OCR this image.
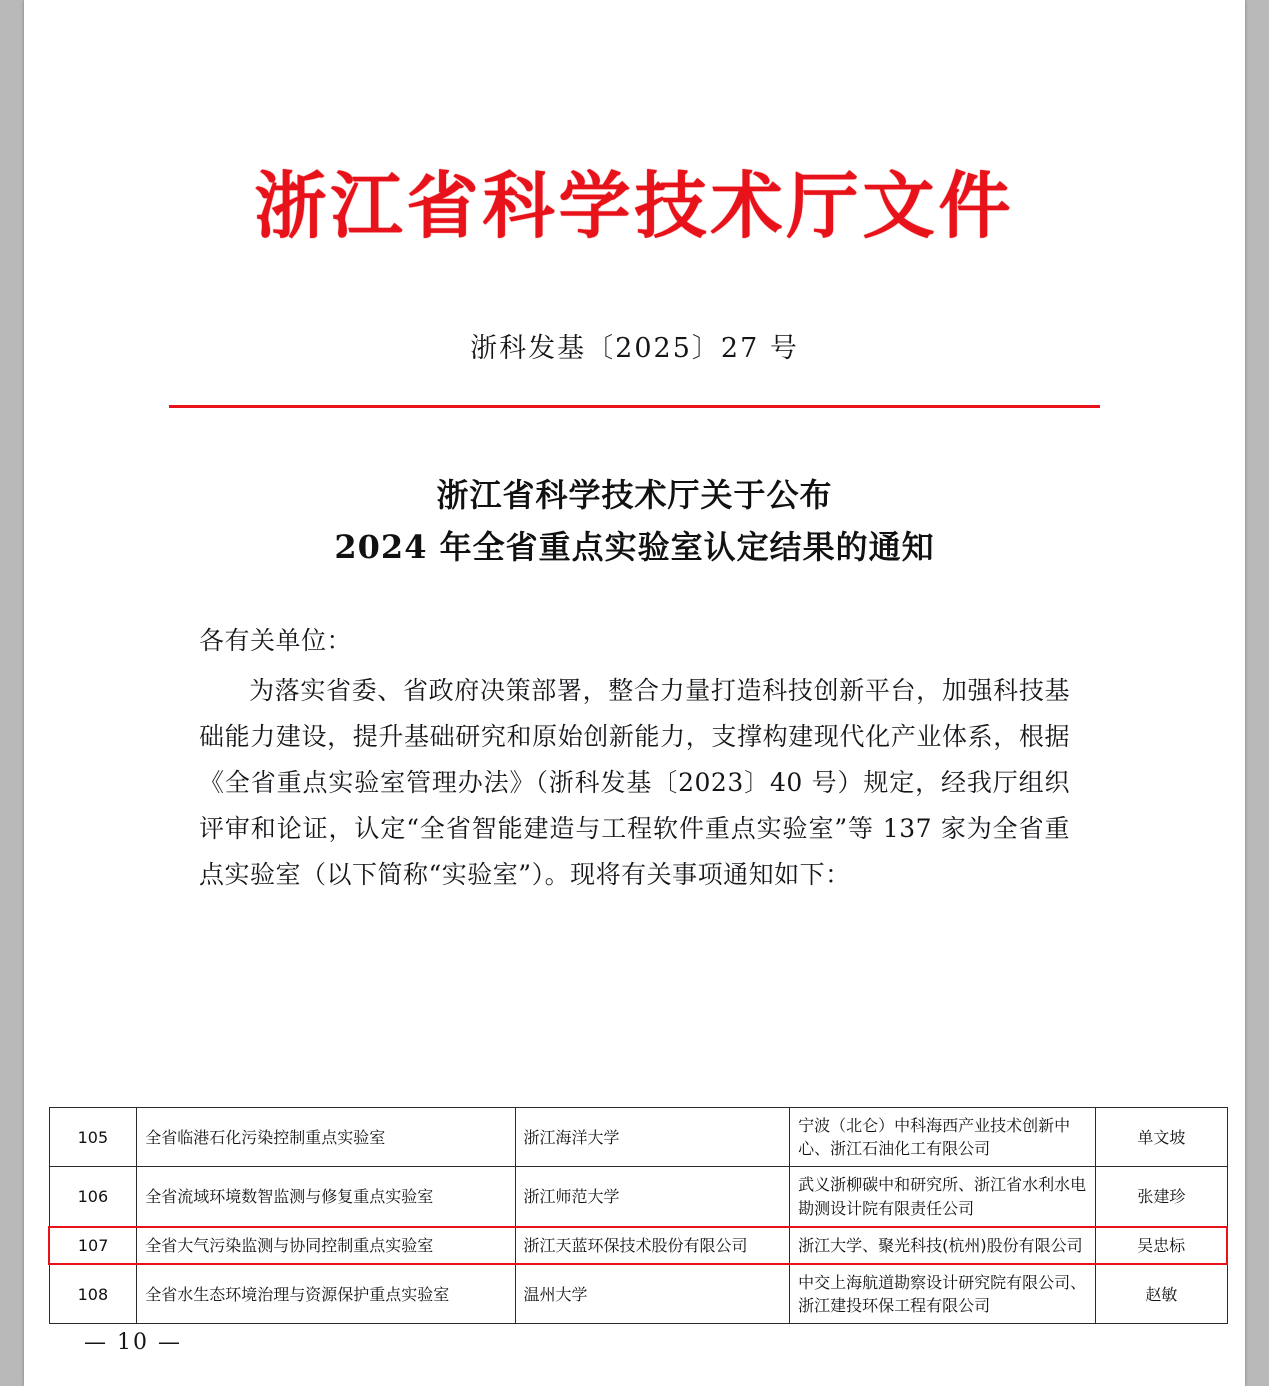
浙江省科学技术厅文件
浙科发基〔2025〕27 号
浙江省科学技术厅关于公布
2024 年全省重点实验室认定结果的通知
各有关单位：
为落实省委、省政府决策部署，整合力量打造科技创新平台，加强科技基础能力建设，提升基础研究和原始创新能力，支撑构建现代化产业体系，根据《全省重点实验室管理办法》（浙科发基〔2023〕40 号）规定，经我厅组织评审和论证，认定“全省智能建造与工程软件重点实验室”等 137 家为全省重点实验室（以下简称“实验室”）。现将有关事项通知如下：
105	全省临港石化污染控制重点实验室	浙江海洋大学	宁波（北仑）中科海西产业技术创新中心、浙江石油化工有限公司	单文坡
106	全省流域环境数智监测与修复重点实验室	浙江师范大学	武义浙柳碳中和研究所、浙江省水利水电勘测设计院有限责任公司	张建珍
107	全省大气污染监测与协同控制重点实验室	浙江天蓝环保技术股份有限公司	浙江大学、聚光科技(杭州)股份有限公司	吴忠标
108	全省水生态环境治理与资源保护重点实验室	温州大学	中交上海航道勘察设计研究院有限公司、浙江建投环保工程有限公司	赵敏
— 10 —
